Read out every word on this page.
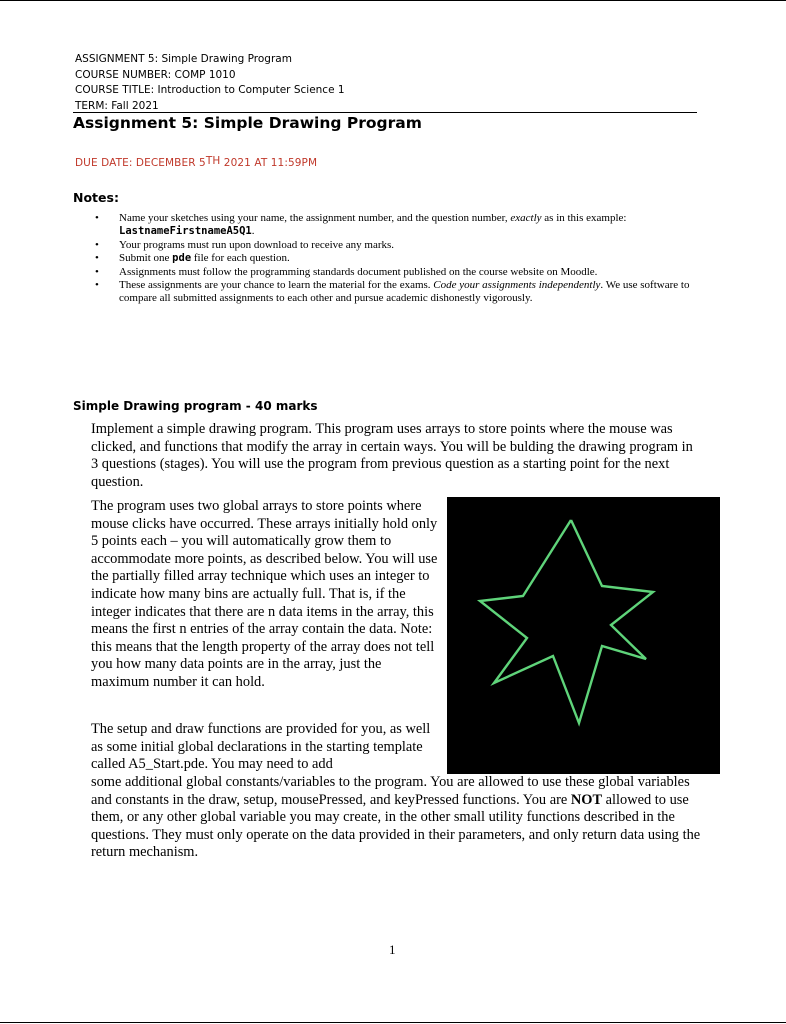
ASSIGNMENT 5: Simple Drawing Program
COURSE NUMBER: COMP 1010
COURSE TITLE: Introduction to Computer Science 1
TERM: Fall 2021
Assignment 5: Simple Drawing Program
DUE DATE: DECEMBER 5TH 2021 AT 11:59PM
Notes:
• Name your sketches using your name, the assignment number, and the question number, exactly as in this example: LastnameFirstnameA5Q1.
• Your programs must run upon download to receive any marks.
• Submit one pde file for each question.
• Assignments must follow the programming standards document published on the course website on Moodle.
• These assignments are your chance to learn the material for the exams. Code your assignments independently. We use software to compare all submitted assignments to each other and pursue academic dishonestly vigorously.
Simple Drawing program - 40 marks

Implement a simple drawing program. This program uses arrays to store points where the mouse was clicked, and functions that modify the array in certain ways. You will be bulding the drawing program in 3 questions (stages). You will use the program from previous question as a starting point for the next question.

The program uses two global arrays to store points where mouse clicks have occurred. These arrays initially hold only 5 points each – you will automatically grow them to accommodate more points, as described below. You will use the partially filled array technique which uses an integer to indicate how many bins are actually full. That is, if the integer indicates that there are n data items in the array, this means the first n entries of the array contain the data. Note: this means that the length property of the array does not tell you how many data points are in the array, just the maximum number it can hold.

The setup and draw functions are provided for you, as well as some initial global declarations in the starting template called A5_Start.pde. You may need to add

some additional global constants/variables to the program. You are allowed to use these global variables and constants in the draw, setup, mousePressed, and keyPressed functions. You are NOT allowed to use them, or any other global variable you may create, in the other small utility functions described in the questions. They must only operate on the data provided in their parameters, and only return data using the return mechanism.

1
